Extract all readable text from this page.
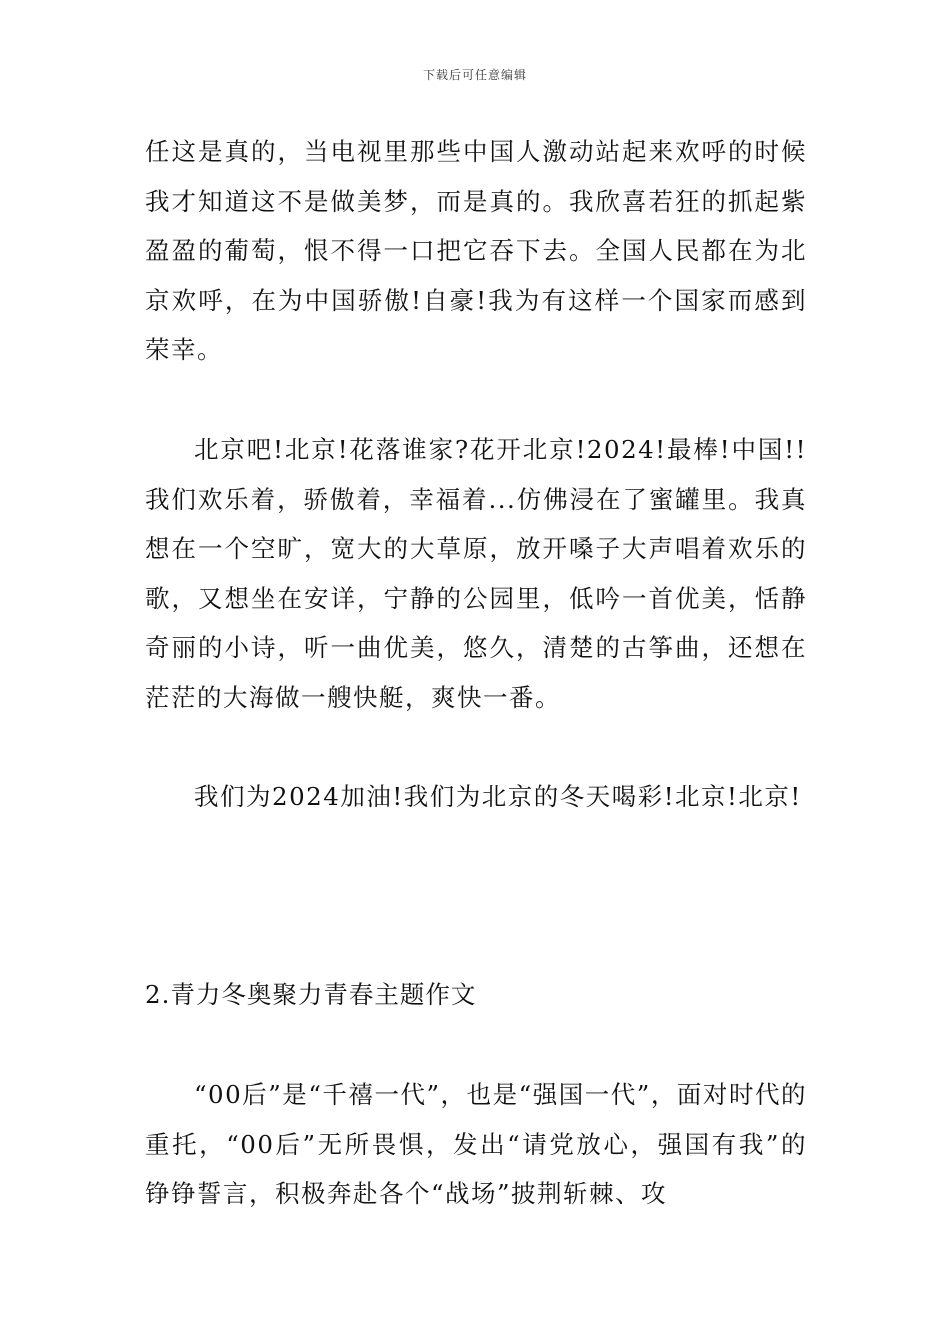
下载后可任意编辑
任这是真的，当电视里那些中国人激动站起来欢呼的时候我才知道这不是做美梦，而是真的。我欣喜若狂的抓起紫盈盈的葡萄，恨不得一口把它吞下去。全国人民都在为北京欢呼，在为中国骄傲!自豪!我为有这样一个国家而感到荣幸。
北京吧!北京!花落谁家?花开北京!2024!最棒!中国!!我们欢乐着，骄傲着，幸福着...仿佛浸在了蜜罐里。我真想在一个空旷，宽大的大草原，放开嗓子大声唱着欢乐的歌，又想坐在安详，宁静的公园里，低吟一首优美，恬静奇丽的小诗，听一曲优美，悠久，清楚的古筝曲，还想在茫茫的大海做一艘快艇，爽快一番。
我们为2024加油!我们为北京的冬天喝彩!北京!北京!
2.青力冬奥聚力青春主题作文
“00后”是“千禧一代”，也是“强国一代”，面对时代的重托，“00后”无所畏惧，发出“请党放心，强国有我”的铮铮誓言，积极奔赴各个“战场”披荆斩棘、攻
